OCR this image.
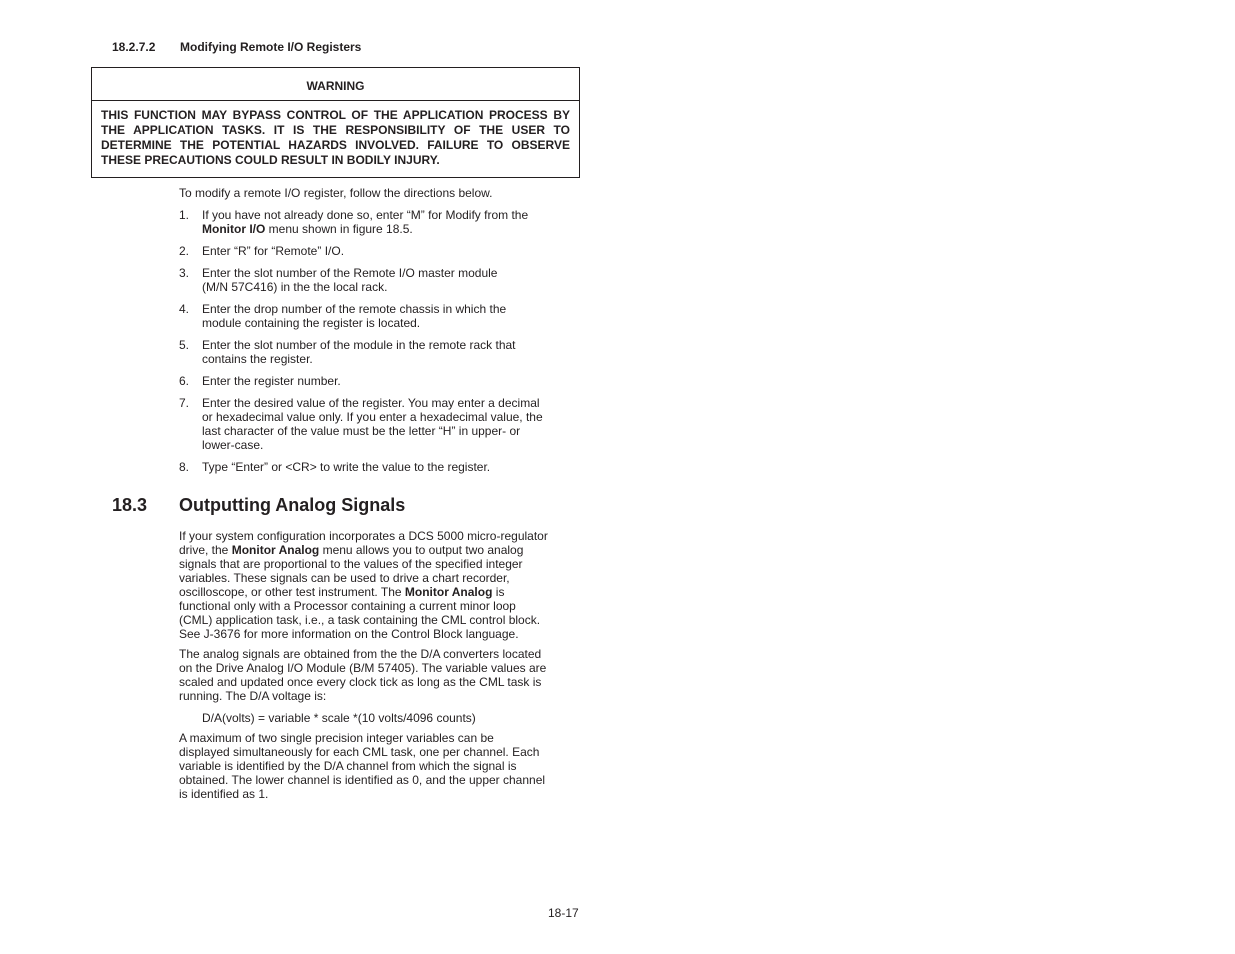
18.2.7.2 Modifying Remote I/O Registers
WARNING
THIS FUNCTION MAY BYPASS CONTROL OF THE APPLICATION PROCESS BY
THE APPLICATION TASKS. IT IS THE RESPONSIBILITY OF THE USER TO
DETERMINE THE POTENTIAL HAZARDS INVOLVED. FAILURE TO OBSERVE
THESE PRECAUTIONS COULD RESULT IN BODILY INJURY.
To modify a remote I/O register, follow the directions below.
1. If you have not already done so, enter “M” for Modify from the
Monitor I/O menu shown in figure 18.5.
2. Enter “R” for “Remote” I/O.
3. Enter the slot number of the Remote I/O master module
(M/N 57C416) in the the local rack.
4. Enter the drop number of the remote chassis in which the
module containing the register is located.
5. Enter the slot number of the module in the remote rack that
contains the register.
6. Enter the register number.
7. Enter the desired value of the register. You may enter a decimal
or hexadecimal value only. If you enter a hexadecimal value, the
last character of the value must be the letter “H” in upper- or
lower-case.
8. Type “Enter” or <CR> to write the value to the register.
18.3 Outputting Analog Signals
If your system configuration incorporates a DCS 5000 micro-regulator
drive, the Monitor Analog menu allows you to output two analog
signals that are proportional to the values of the specified integer
variables. These signals can be used to drive a chart recorder,
oscilloscope, or other test instrument. The Monitor Analog is
functional only with a Processor containing a current minor loop
(CML) application task, i.e., a task containing the CML control block.
See J-3676 for more information on the Control Block language.
The analog signals are obtained from the the D/A converters located
on the Drive Analog I/O Module (B/M 57405). The variable values are
scaled and updated once every clock tick as long as the CML task is
running. The D/A voltage is:
D/A(volts) = variable * scale *(10 volts/4096 counts)
A maximum of two single precision integer variables can be
displayed simultaneously for each CML task, one per channel. Each
variable is identified by the D/A channel from which the signal is
obtained. The lower channel is identified as 0, and the upper channel
is identified as 1.
18-17
